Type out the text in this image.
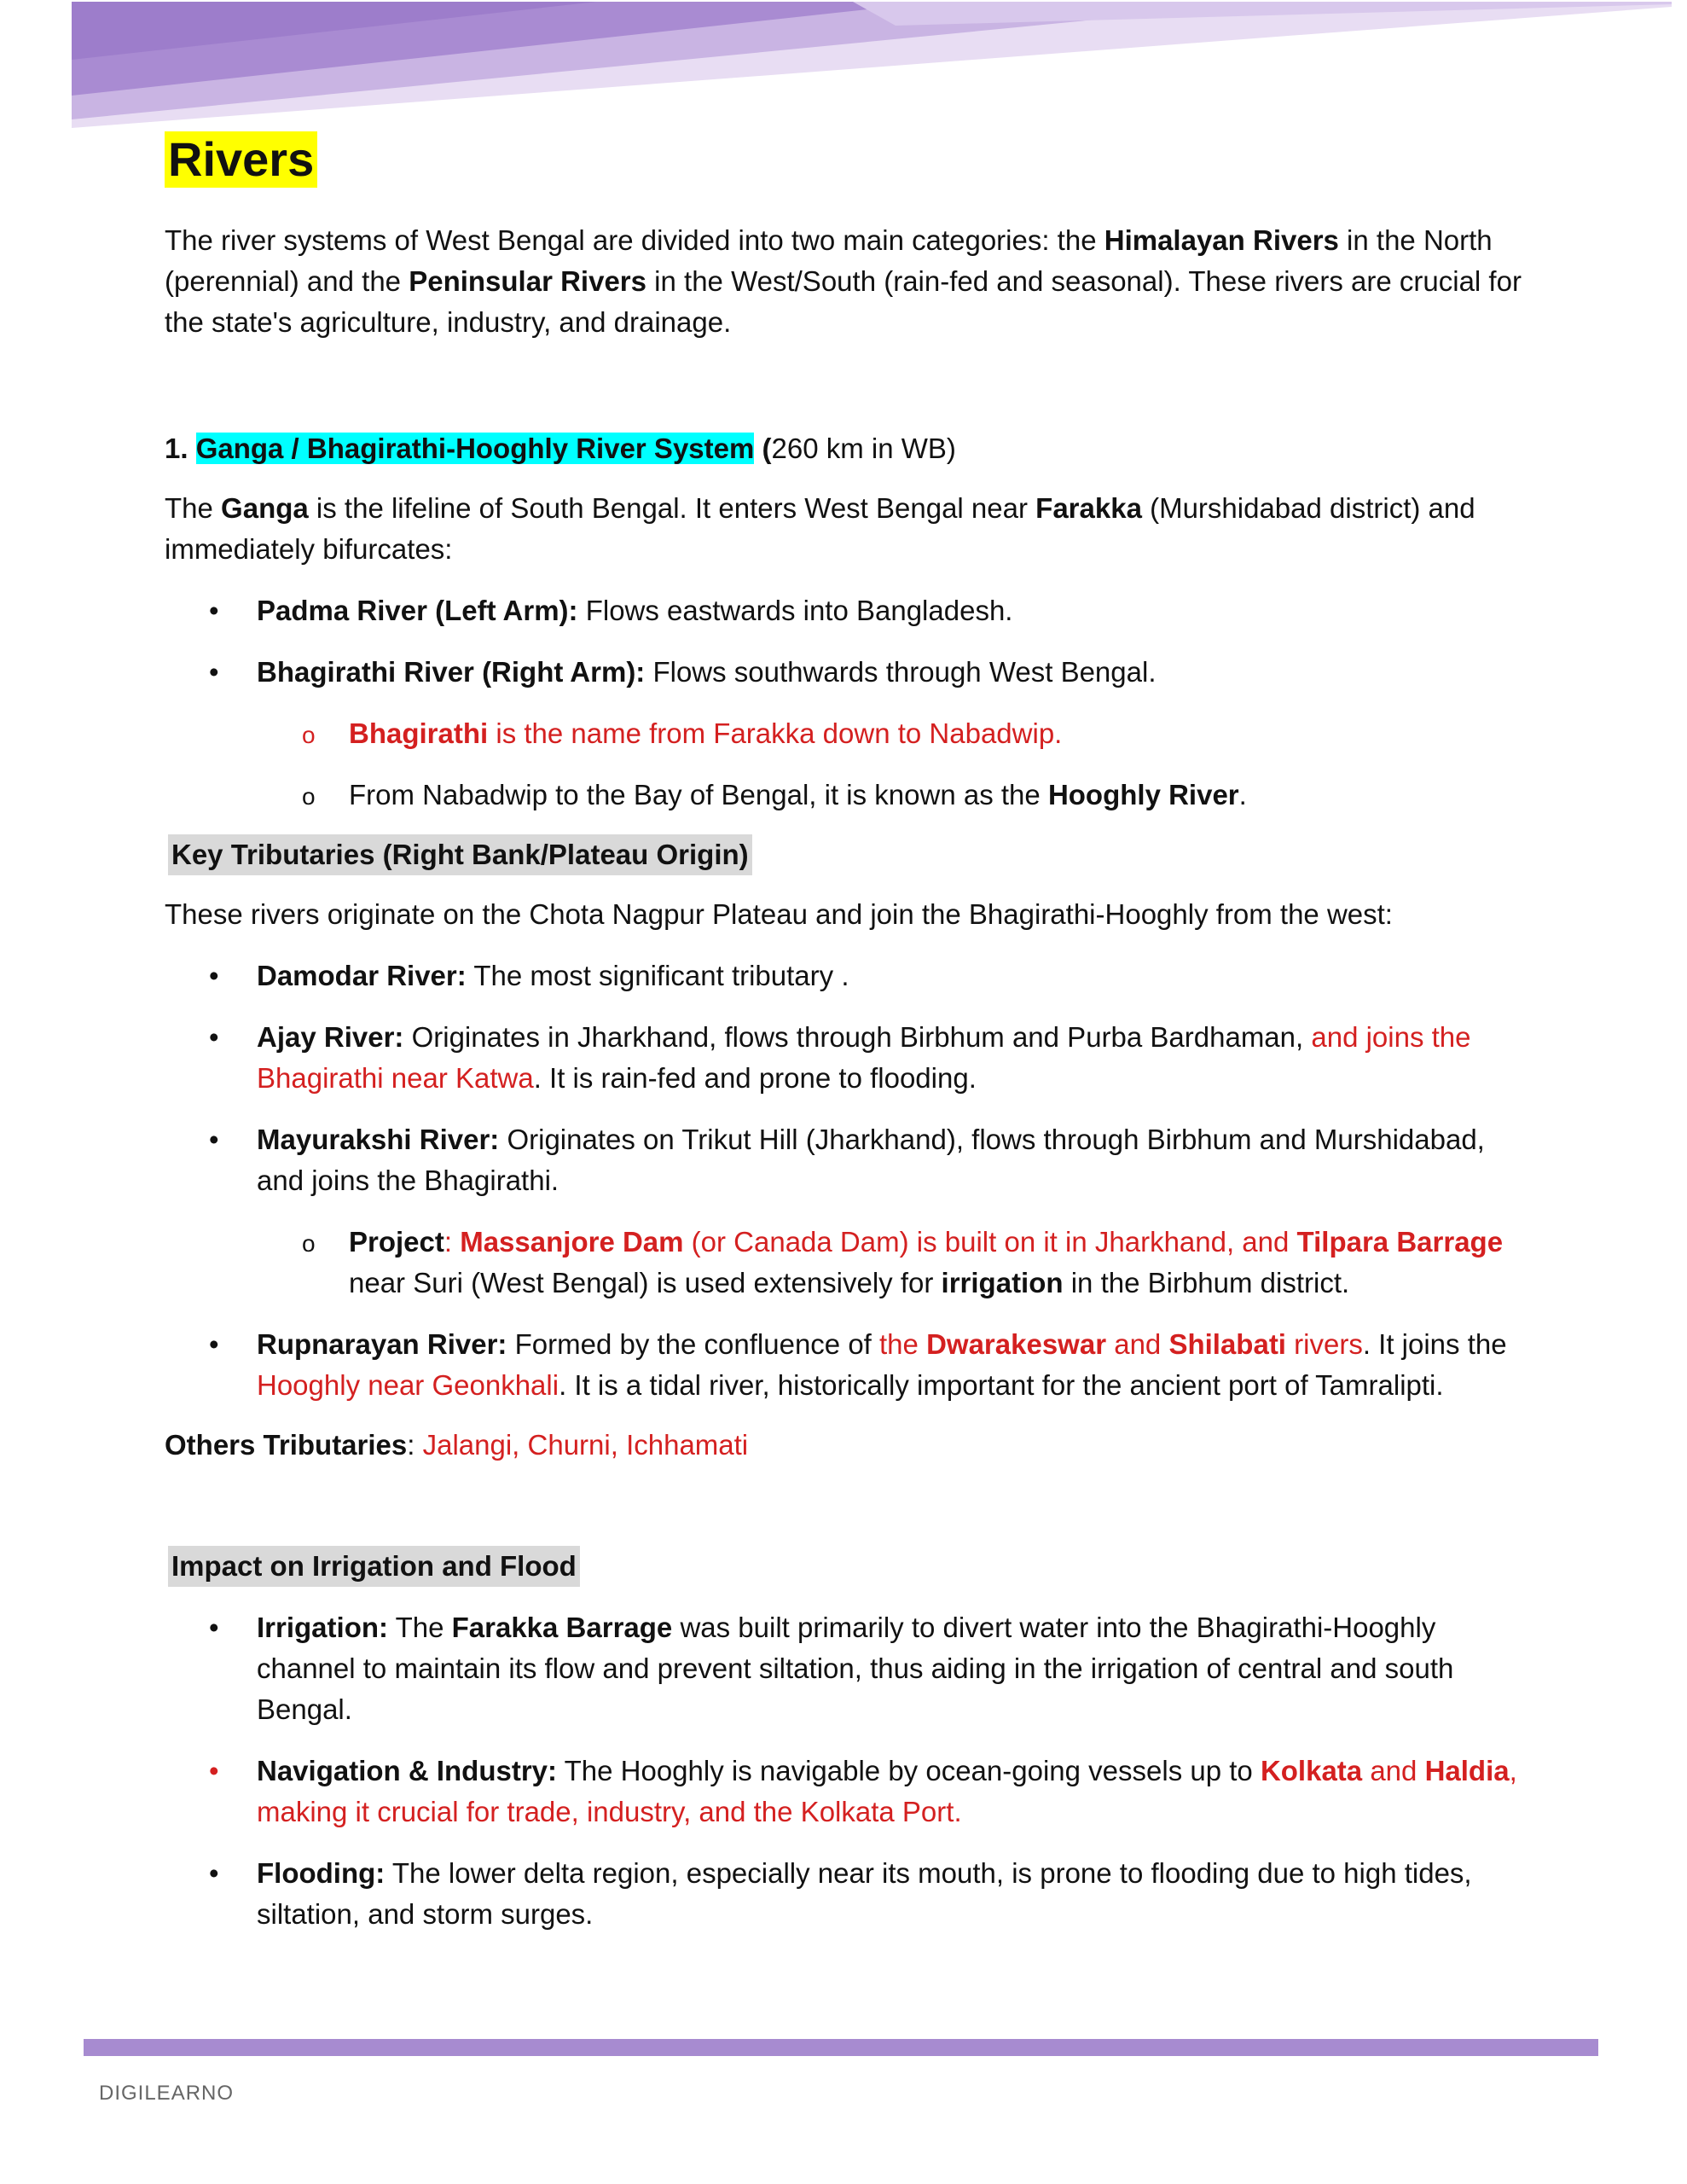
Rivers

The river systems of West Bengal are divided into two main categories: the Himalayan Rivers in the North (perennial) and the Peninsular Rivers in the West/South (rain-fed and seasonal). These rivers are crucial for the state's agriculture, industry, and drainage.

1. Ganga / Bhagirathi-Hooghly River System (260 km in WB)

The Ganga is the lifeline of South Bengal. It enters West Bengal near Farakka (Murshidabad district) and immediately bifurcates:

• Padma River (Left Arm): Flows eastwards into Bangladesh.
• Bhagirathi River (Right Arm): Flows southwards through West Bengal.
o Bhagirathi is the name from Farakka down to Nabadwip.
o From Nabadwip to the Bay of Bengal, it is known as the Hooghly River.

Key Tributaries (Right Bank/Plateau Origin)

These rivers originate on the Chota Nagpur Plateau and join the Bhagirathi-Hooghly from the west:

• Damodar River: The most significant tributary .
• Ajay River: Originates in Jharkhand, flows through Birbhum and Purba Bardhaman, and joins the Bhagirathi near Katwa. It is rain-fed and prone to flooding.
• Mayurakshi River: Originates on Trikut Hill (Jharkhand), flows through Birbhum and Murshidabad, and joins the Bhagirathi.
o Project: Massanjore Dam (or Canada Dam) is built on it in Jharkhand, and Tilpara Barrage near Suri (West Bengal) is used extensively for irrigation in the Birbhum district.
• Rupnarayan River: Formed by the confluence of the Dwarakeswar and Shilabati rivers. It joins the Hooghly near Geonkhali. It is a tidal river, historically important for the ancient port of Tamralipti.

Others Tributaries: Jalangi, Churni, Ichhamati

Impact on Irrigation and Flood

• Irrigation: The Farakka Barrage was built primarily to divert water into the Bhagirathi-Hooghly channel to maintain its flow and prevent siltation, thus aiding in the irrigation of central and south Bengal.
• Navigation & Industry: The Hooghly is navigable by ocean-going vessels up to Kolkata and Haldia, making it crucial for trade, industry, and the Kolkata Port.
• Flooding: The lower delta region, especially near its mouth, is prone to flooding due to high tides, siltation, and storm surges.
DIGILEARNO
